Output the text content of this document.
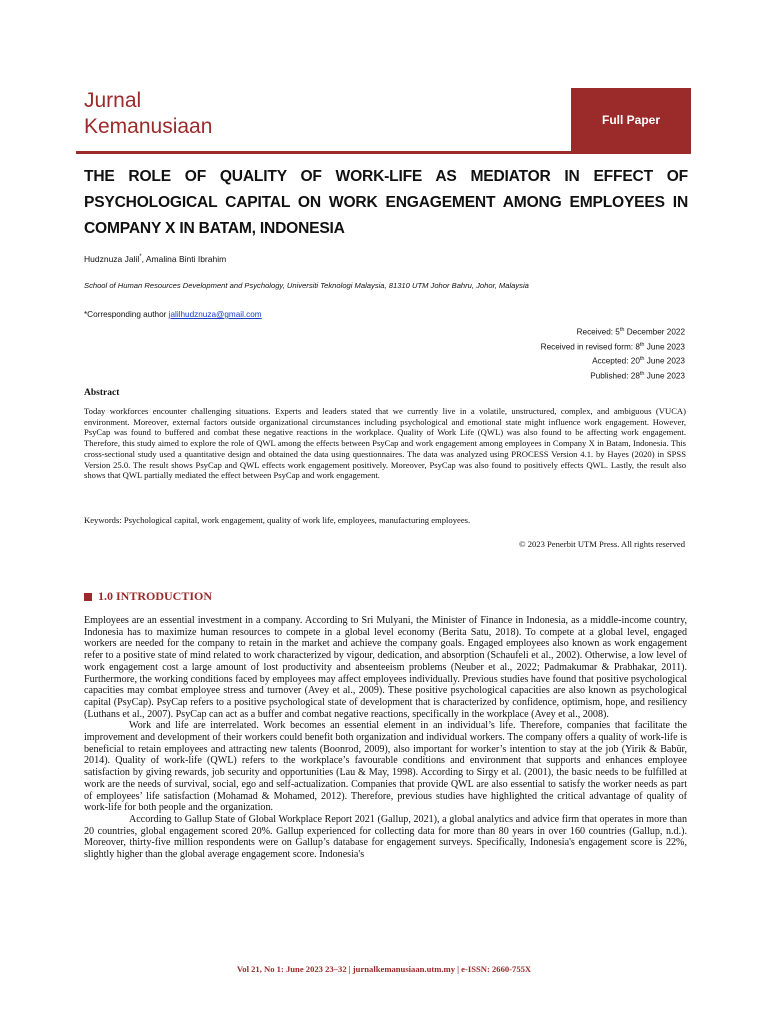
Jurnal
Kemanusiaan	Full Paper
THE ROLE OF QUALITY OF WORK-LIFE AS MEDIATOR IN EFFECT OF PSYCHOLOGICAL CAPITAL ON WORK ENGAGEMENT AMONG EMPLOYEES IN COMPANY X IN BATAM, INDONESIA
Hudznuza Jalil*, Amalina Binti Ibrahim
School of Human Resources Development and Psychology, Universiti Teknologi Malaysia, 81310 UTM Johor Bahru, Johor, Malaysia
*Corresponding author jalilhudznuza@gmail.com
Received: 5th December 2022
Received in revised form: 8th June 2023
Accepted: 20th June 2023
Published: 28th June 2023
Abstract

Today workforces encounter challenging situations. Experts and leaders stated that we currently live in a volatile, unstructured, complex, and ambiguous (VUCA) environment. Moreover, external factors outside organizational circumstances including psychological and emotional state might influence work engagement. However, PsyCap was found to buffered and combat these negative reactions in the workplace. Quality of Work Life (QWL) was also found to be affecting work engagement. Therefore, this study aimed to explore the role of QWL among the effects between PsyCap and work engagement among employees in Company X in Batam, Indonesia. This cross-sectional study used a quantitative design and obtained the data using questionnaires. The data was analyzed using PROCESS Version 4.1. by Hayes (2020) in SPSS Version 25.0. The result shows PsyCap and QWL effects work engagement positively. Moreover, PsyCap was also found to positively effects QWL. Lastly, the result also shows that QWL partially mediated the effect between PsyCap and work engagement.

Keywords: Psychological capital, work engagement, quality of work life, employees, manufacturing employees.
© 2023 Penerbit UTM Press. All rights reserved
1.0 INTRODUCTION

Employees are an essential investment in a company. According to Sri Mulyani, the Minister of Finance in Indonesia, as a middle-income country, Indonesia has to maximize human resources to compete in a global level economy (Berita Satu, 2018). To compete at a global level, engaged workers are needed for the company to retain in the market and achieve the company goals. Engaged employees also known as work engagement refer to a positive state of mind related to work characterized by vigour, dedication, and absorption (Schaufeli et al., 2002). Otherwise, a low level of work engagement cost a large amount of lost productivity and absenteeism problems (Neuber et al., 2022; Padmakumar & Prabhakar, 2011). Furthermore, the working conditions faced by employees may affect employees individually. Previous studies have found that positive psychological capacities may combat employee stress and turnover (Avey et al., 2009). These positive psychological capacities are also known as psychological capital (PsyCap). PsyCap refers to a positive psychological state of development that is characterized by confidence, optimism, hope, and resiliency (Luthans et al., 2007). PsyCap can act as a buffer and combat negative reactions, specifically in the workplace (Avey et al., 2008).

Work and life are interrelated. Work becomes an essential element in an individual’s life. Therefore, companies that facilitate the improvement and development of their workers could benefit both organization and individual workers. The company offers a quality of work-life is beneficial to retain employees and attracting new talents (Boonrod, 2009), also important for worker’s intention to stay at the job (Yirik & Babür, 2014). Quality of work-life (QWL) refers to the workplace’s favourable conditions and environment that supports and enhances employee satisfaction by giving rewards, job security and opportunities (Lau & May, 1998). According to Sirgy et al. (2001), the basic needs to be fulfilled at work are the needs of survival, social, ego and self-actualization. Companies that provide QWL are also essential to satisfy the worker needs as part of employees’ life satisfaction (Mohamad & Mohamed, 2012). Therefore, previous studies have highlighted the critical advantage of quality of work-life for both people and the organization.

According to Gallup State of Global Workplace Report 2021 (Gallup, 2021), a global analytics and advice firm that operates in more than 20 countries, global engagement scored 20%. Gallup experienced for collecting data for more than 80 years in over 160 countries (Gallup, n.d.). Moreover, thirty-five million respondents were on Gallup’s database for engagement surveys. Specifically, Indonesia's engagement score is 22%, slightly higher than the global average engagement score. Indonesia's

Vol 21, No 1: June 2023 23–32 | jurnalkemanusiaan.utm.my | e-ISSN: 2660-755X
